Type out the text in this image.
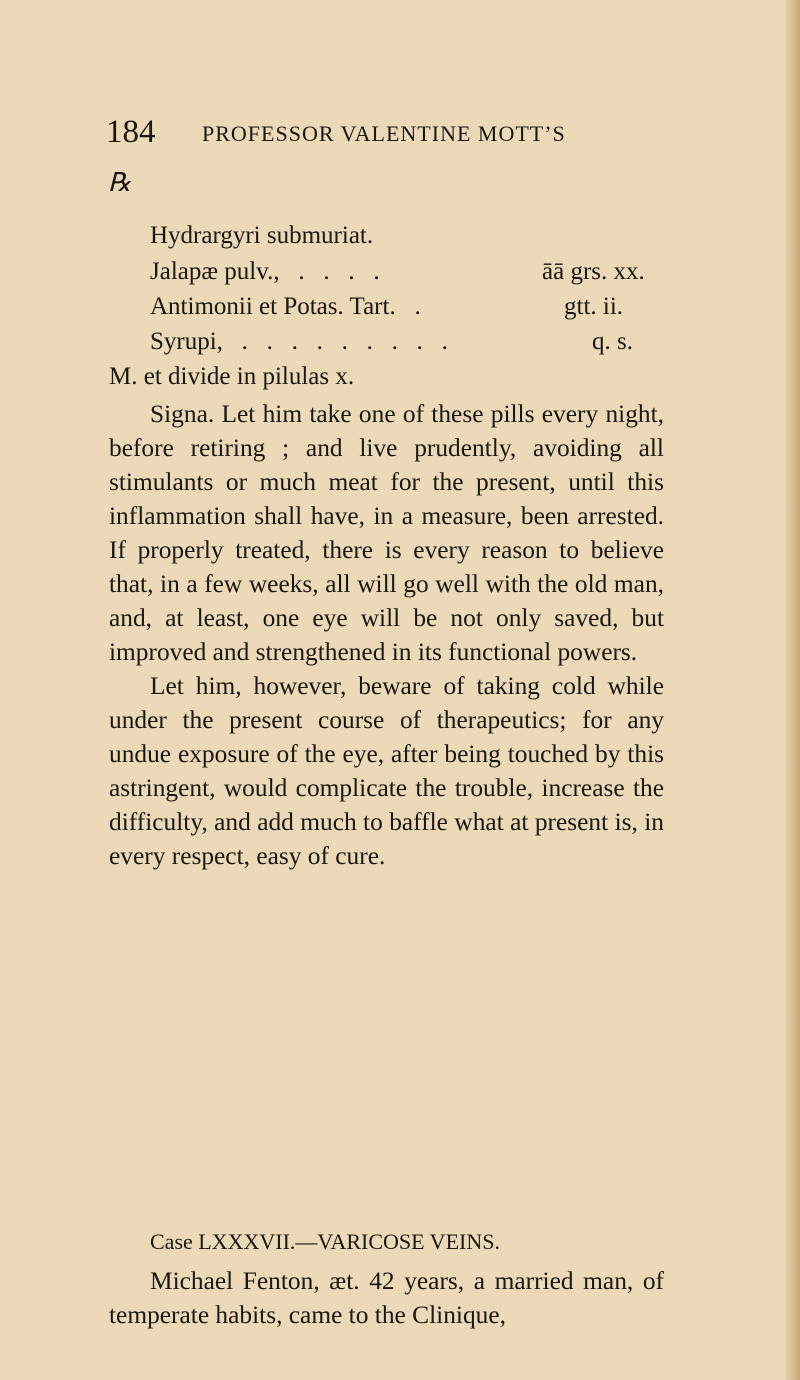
184 PROFESSOR VALENTINE MOTT’S
℞
Hydrargyri submuriat.
Jalapæ pulv.,   .   .   .   .	āā grs. xx.
Antimonii et Potas. Tart.   .	gtt. ii.
Syrupi,   .   .   .   .   .   .   .   .   .	q. s.
M. et divide in pilulas x.

Signa. Let him take one of these pills every night, before retiring ; and live prudently, avoiding all stimulants or much meat for the present, until this inflammation shall have, in a measure, been arrested. If properly treated, there is every reason to believe that, in a few weeks, all will go well with the old man, and, at least, one eye will be not only saved, but improved and strengthened in its functional powers.

Let him, however, beware of taking cold while under the present course of therapeutics; for any undue exposure of the eye, after being touched by this astringent, would complicate the trouble, increase the difficulty, and add much to baffle what at present is, in every respect, easy of cure.

Case LXXXVII.—VARICOSE VEINS.

Michael Fenton, æt. 42 years, a married man, of temperate habits, came to the Clinique,
